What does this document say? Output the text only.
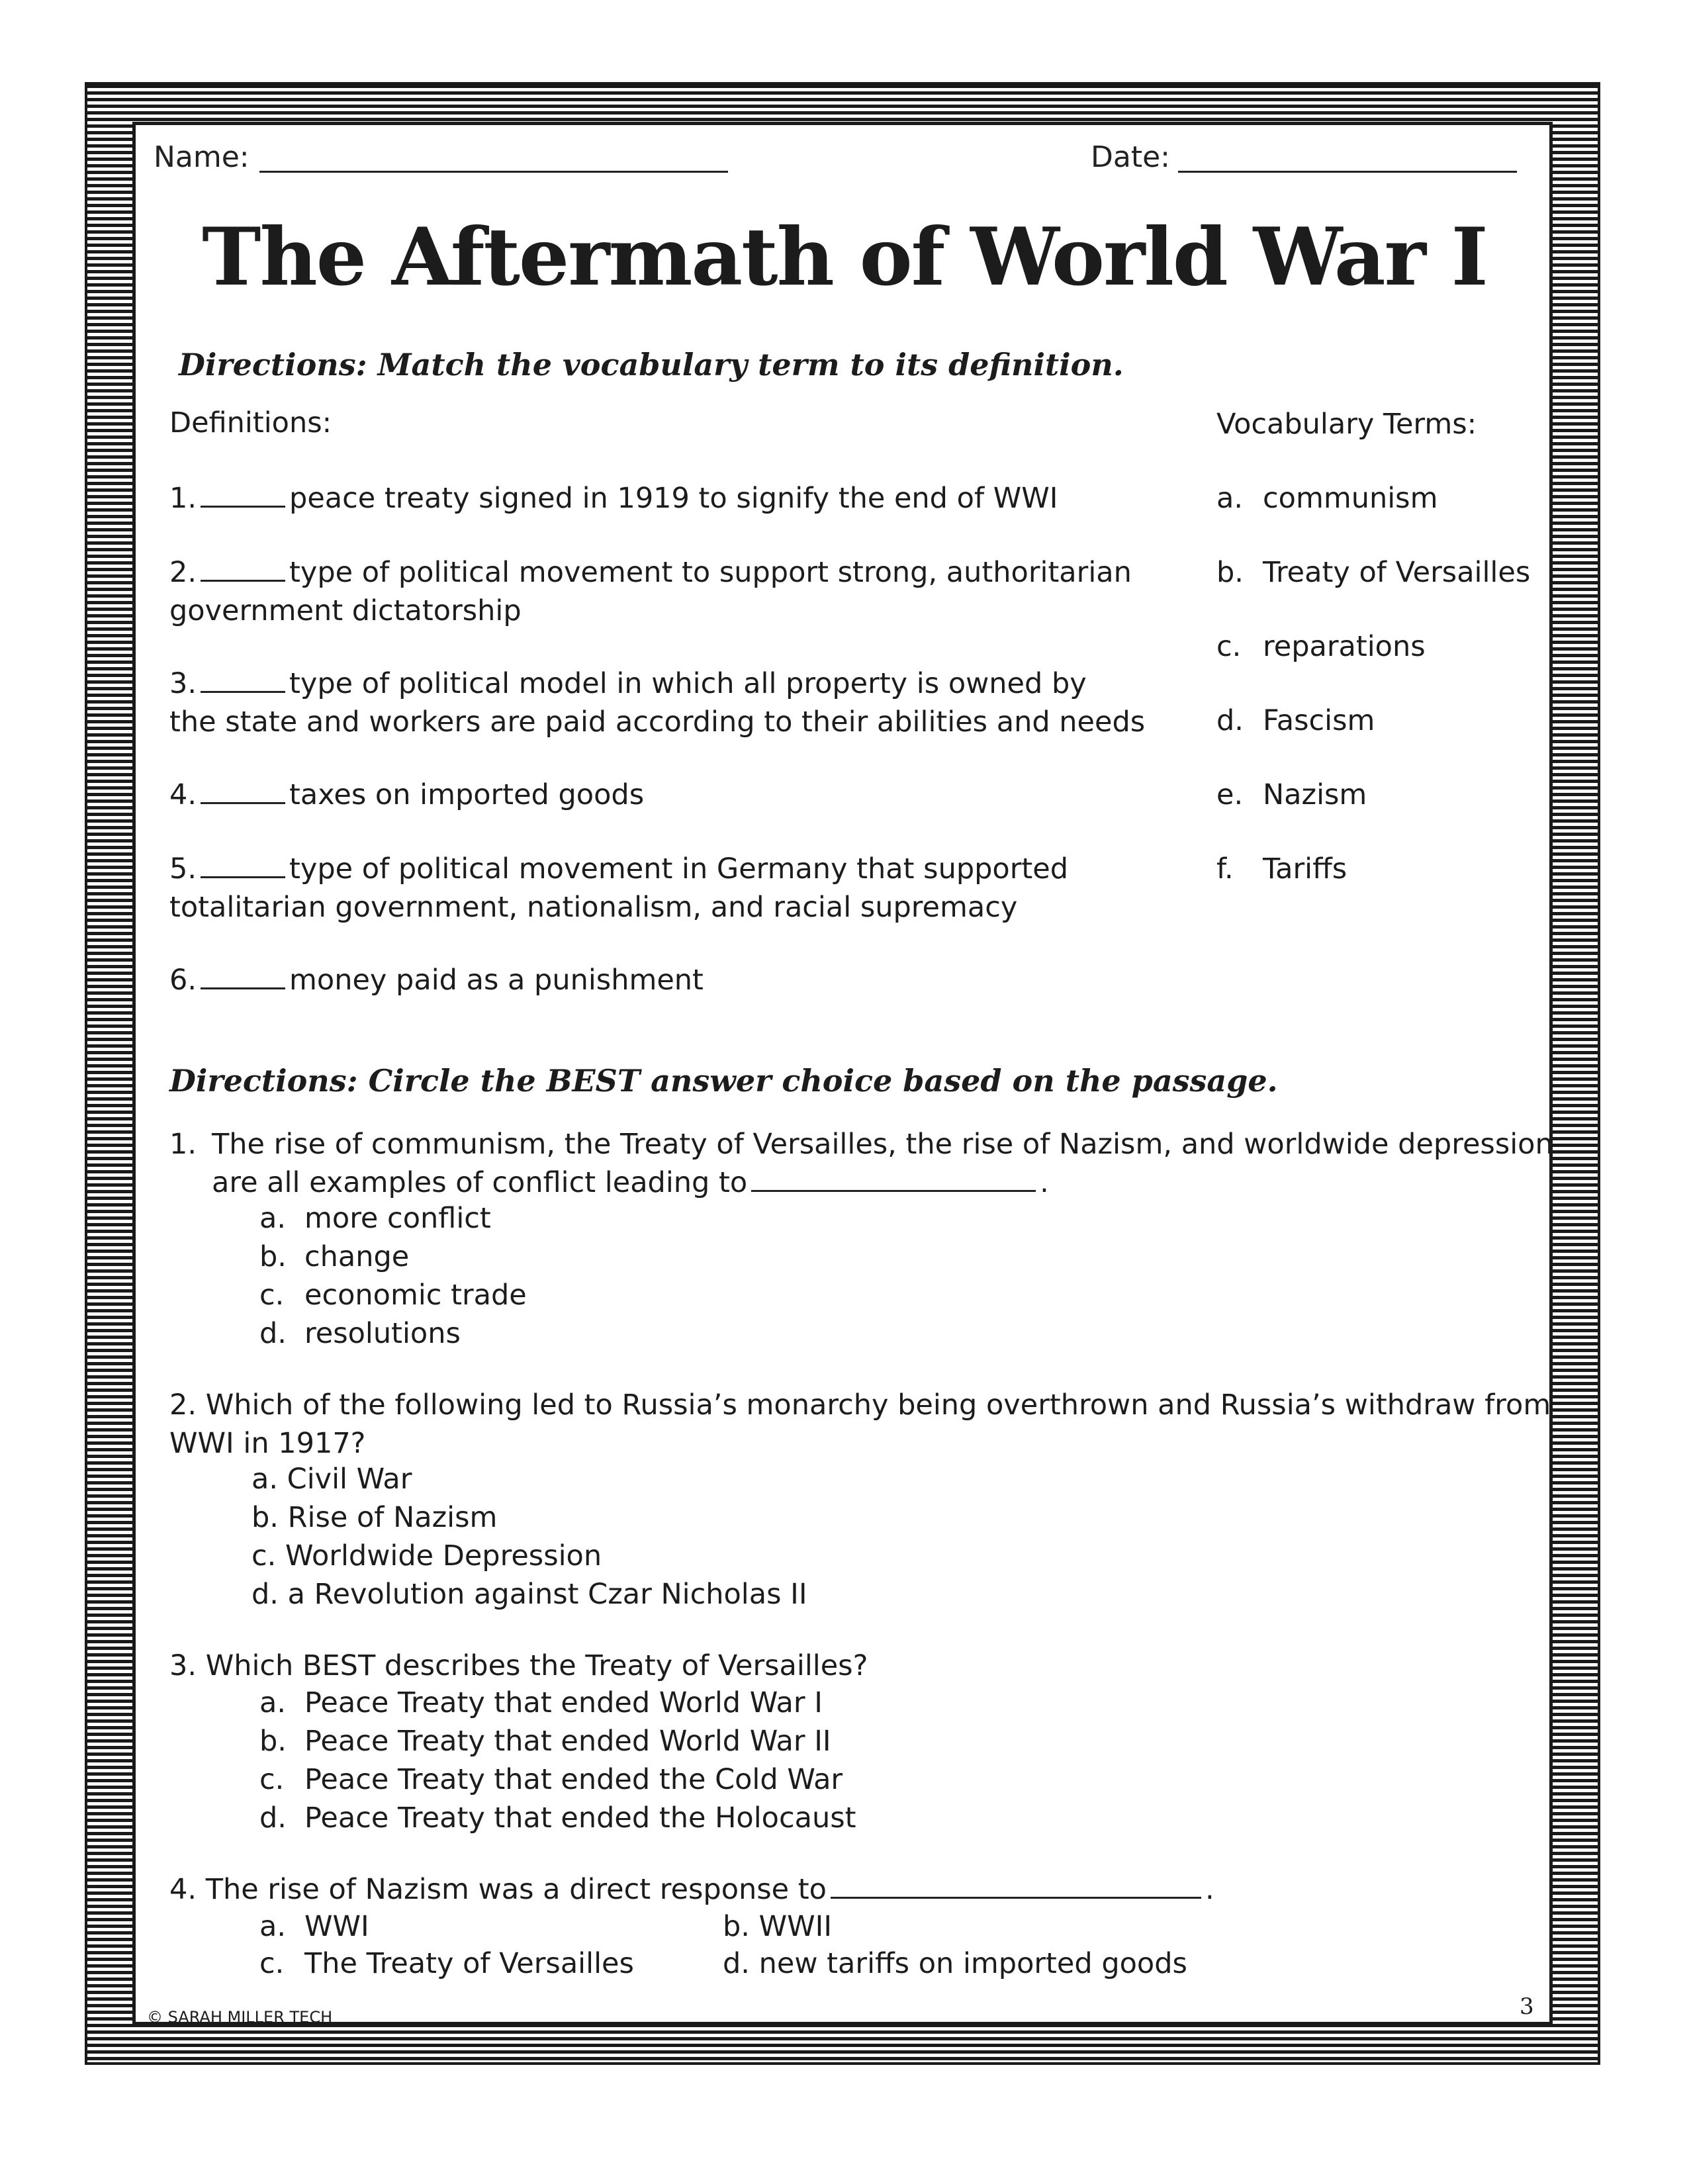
Name:	Date:
The Aftermath of World War I
Directions: Match the vocabulary term to its definition.
Definitions:	Vocabulary Terms:
1.	peace treaty signed in 1919 to signify the end of WWI
2.	type of political movement to support strong, authoritarian
government dictatorship
3.	type of political model in which all property is owned by
the state and workers are paid according to their abilities and needs
4.	taxes on imported goods
5.	type of political movement in Germany that supported
totalitarian government, nationalism, and racial supremacy
6.	money paid as a punishment
a. communism
b. Treaty of Versailles
c. reparations
d. Fascism
e. Nazism
f. Tariffs
Directions: Circle the BEST answer choice based on the passage.
1. The rise of communism, the Treaty of Versailles, the rise of Nazism, and worldwide depression
are all examples of conflict leading to	.
a. more conflict
b. change
c. economic trade
d. resolutions
2. Which of the following led to Russia’s monarchy being overthrown and Russia’s withdraw from
WWI in 1917?
a. Civil War
b. Rise of Nazism
c. Worldwide Depression
d. a Revolution against Czar Nicholas II
3. Which BEST describes the Treaty of Versailles?
a. Peace Treaty that ended World War I
b. Peace Treaty that ended World War II
c. Peace Treaty that ended the Cold War
d. Peace Treaty that ended the Holocaust
4. The rise of Nazism was a direct response to	.
a. WWI	b. WWII
c. The Treaty of Versailles	d. new tariffs on imported goods
© SARAH MILLER TECH	3
